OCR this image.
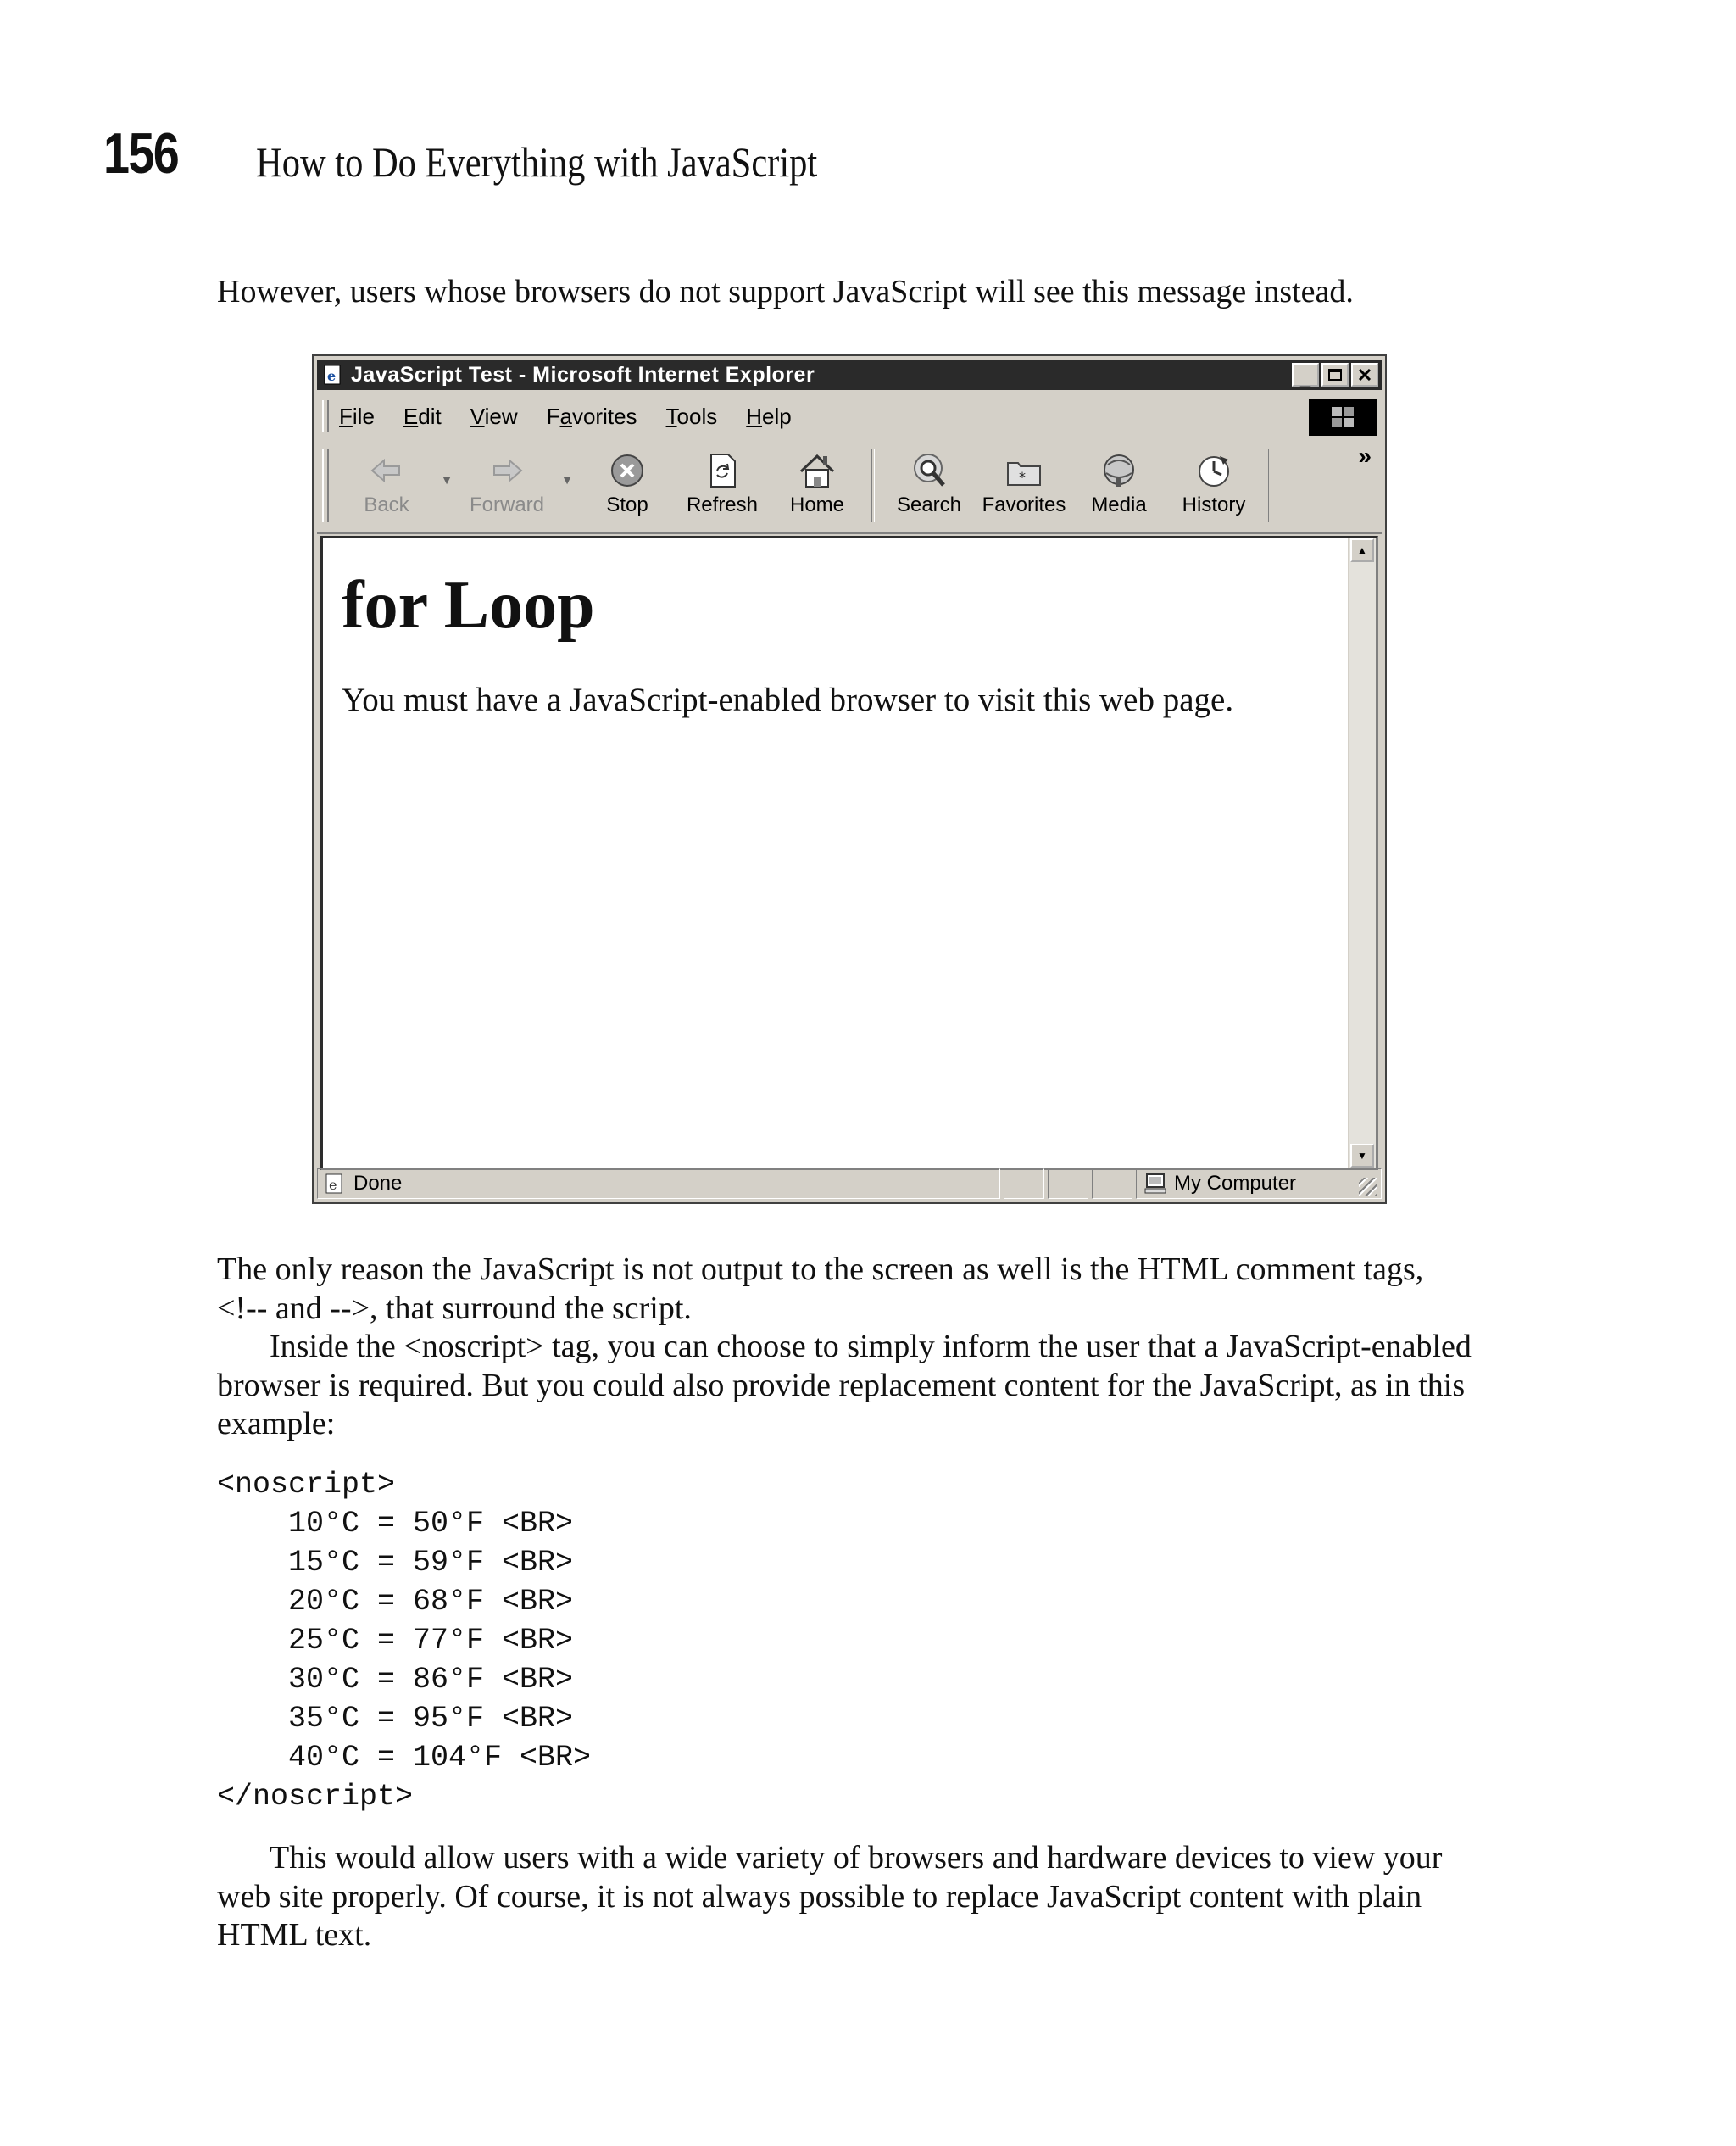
156 How to Do Everything with JavaScript

However, users whose browsers do not support JavaScript will see this message instead.

e JavaScript Test - Microsoft Internet Explorer	_
File Edit View Favorites Tools Help
Back
▼
Forward
▼
Stop Refresh Home	Search
*
Favorites Media History
»
for Loop

You must have a JavaScript-enabled browser to visit this web page.

▲
▼
e Done	My Computer

The only reason the JavaScript is not output to the screen as well is the HTML comment tags,
<!-- and -->, that surround the script.
Inside the <noscript> tag, you can choose to simply inform the user that a JavaScript-enabled browser is required. But you could also provide replacement content for the JavaScript, as in this example:

<noscript>
10°C = 50°F <BR>
15°C = 59°F <BR>
20°C = 68°F <BR>
25°C = 77°F <BR>
30°C = 86°F <BR>
35°C = 95°F <BR>
40°C = 104°F <BR>
</noscript>

This would allow users with a wide variety of browsers and hardware devices to view your web site properly. Of course, it is not always possible to replace JavaScript content with plain HTML text.
